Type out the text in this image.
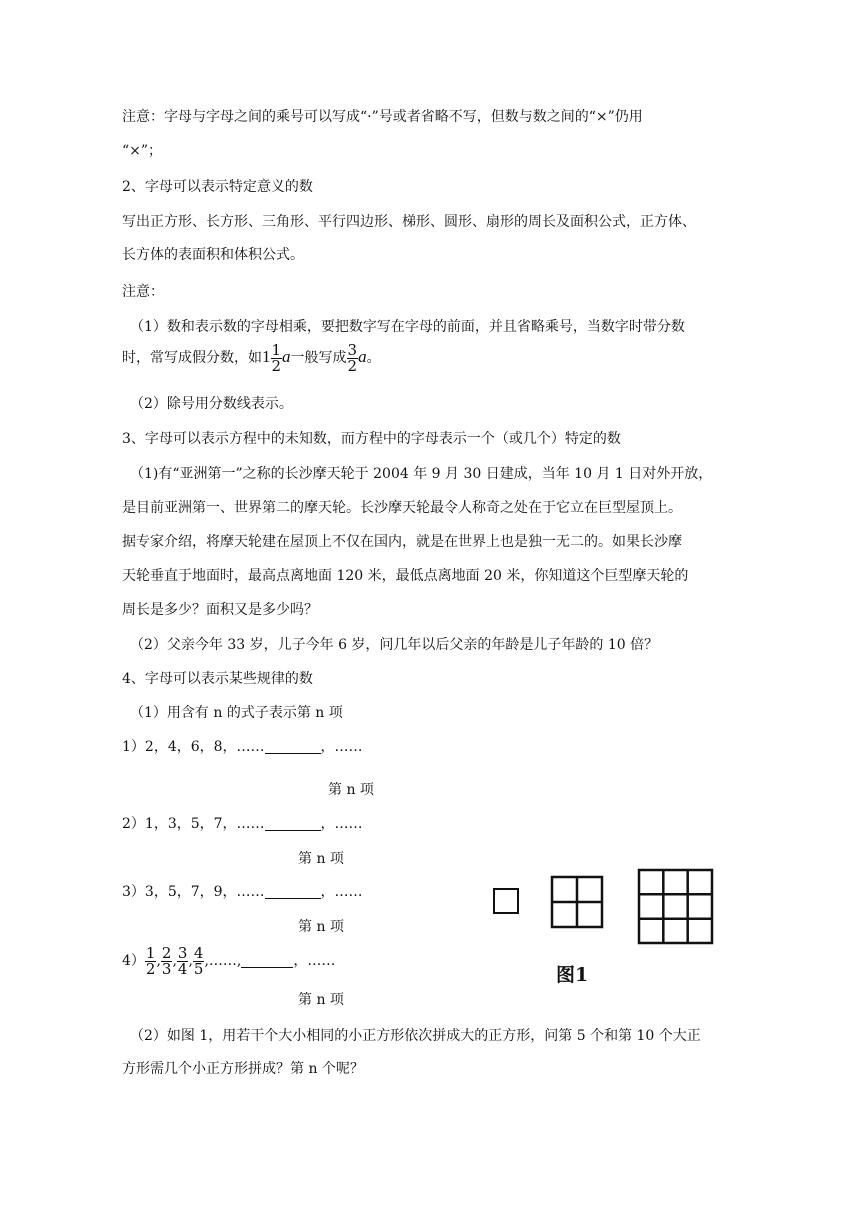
注意：字母与字母之间的乘号可以写成“·”号或者省略不写，但数与数之间的“×”仍用
“×”；
2、字母可以表示特定意义的数
写出正方形、长方形、三角形、平行四边形、梯形、圆形、扇形的周长及面积公式，正方体、
长方体的表面积和体积公式。
注意：
（1）数和表示数的字母相乘，要把数字写在字母的前面，并且省略乘号，当数字时带分数
时，常写成假分数，如$1 \frac{1}{2}$ a一般写成 $\frac{3}{2}$ a。
（2）除号用分数线表示。
3、字母可以表示方程中的未知数，而方程中的字母表示一个（或几个）特定的数
（1)有“亚洲第一”之称的长沙摩天轮于 2004 年 9 月 30 日建成，当年 10 月 1 日对外开放，
是目前亚洲第一、世界第二的摩天轮。长沙摩天轮最令人称奇之处在于它立在巨型屋顶上。
据专家介绍，将摩天轮建在屋顶上不仅在国内，就是在世界上也是独一无二的。如果长沙摩
天轮垂直于地面时，最高点离地面 120 米，最低点离地面 20 米，你知道这个巨型摩天轮的
周长是多少？面积又是多少吗？
（2）父亲今年 33 岁，儿子今年 6 岁，问几年以后父亲的年龄是儿子年龄的 10 倍？
4、字母可以表示某些规律的数
（1）用含有 n 的式子表示第 n 项
1）2，4，6，8，……	，……
第 n 项
2）1，3，5，7，……	，……
第 n 项
3）3，5，7，9，……	，……
第 n 项
$4) \frac{1}{2}$ , $\frac{2}{3}$ , $\frac{3}{4}$ , $\frac{4}{5}$ ,……,	，……
第 n 项
（2）如图 1，用若干个大小相同的小正方形依次拼成大的正方形，问第 5 个和第 10 个大正
方形需几个小正方形拼成？第 n 个呢？
图1
